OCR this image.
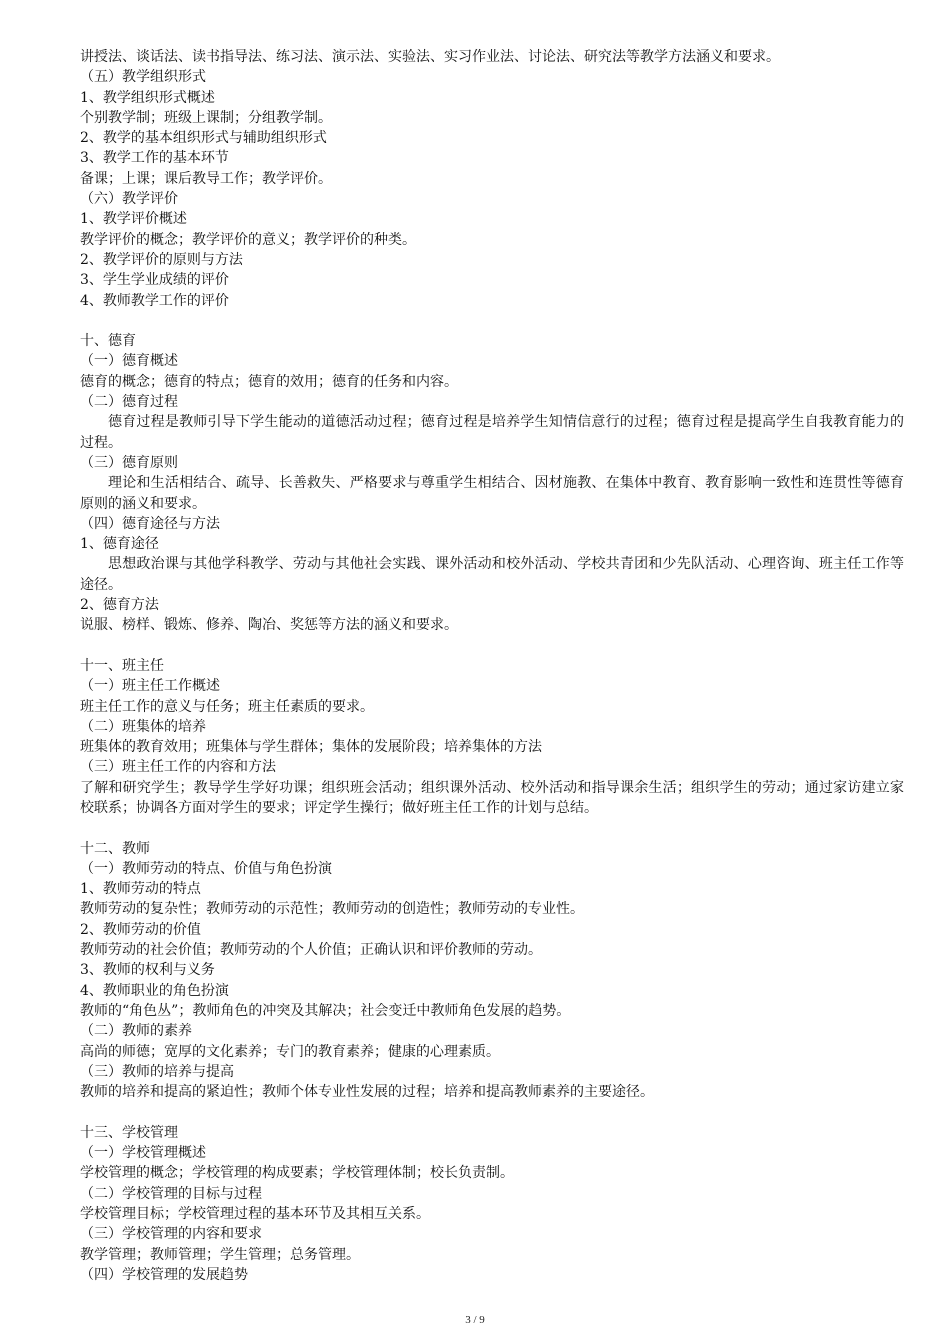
讲授法、谈话法、读书指导法、练习法、演示法、实验法、实习作业法、讨论法、研究法等教学方法涵义和要求。
（五）教学组织形式
1、教学组织形式概述
个别教学制；班级上课制；分组教学制。
2、教学的基本组织形式与辅助组织形式
3、教学工作的基本环节
备课；上课；课后教导工作；教学评价。
（六）教学评价
1、教学评价概述
教学评价的概念；教学评价的意义；教学评价的种类。
2、教学评价的原则与方法
3、学生学业成绩的评价
4、教师教学工作的评价
十、德育
（一）德育概述
德育的概念；德育的特点；德育的效用；德育的任务和内容。
（二）德育过程
德育过程是教师引导下学生能动的道德活动过程；德育过程是培养学生知情信意行的过程；德育过程是提高学生自我教育能力的过程。
（三）德育原则
理论和生活相结合、疏导、长善救失、严格要求与尊重学生相结合、因材施教、在集体中教育、教育影响一致性和连贯性等德育原则的涵义和要求。
（四）德育途径与方法
1、德育途径
思想政治课与其他学科教学、劳动与其他社会实践、课外活动和校外活动、学校共青团和少先队活动、心理咨询、班主任工作等途径。
2、德育方法
说服、榜样、锻炼、修养、陶冶、奖惩等方法的涵义和要求。
十一、班主任
（一）班主任工作概述
班主任工作的意义与任务；班主任素质的要求。
（二）班集体的培养
班集体的教育效用；班集体与学生群体；集体的发展阶段；培养集体的方法
（三）班主任工作的内容和方法
了解和研究学生；教导学生学好功课；组织班会活动；组织课外活动、校外活动和指导课余生活；组织学生的劳动；通过家访建立家校联系；协调各方面对学生的要求；评定学生操行；做好班主任工作的计划与总结。
十二、教师
（一）教师劳动的特点、价值与角色扮演
1、教师劳动的特点
教师劳动的复杂性；教师劳动的示范性；教师劳动的创造性；教师劳动的专业性。
2、教师劳动的价值
教师劳动的社会价值；教师劳动的个人价值；正确认识和评价教师的劳动。
3、教师的权利与义务
4、教师职业的角色扮演
教师的“角色丛”；教师角色的冲突及其解决；社会变迁中教师角色发展的趋势。
（二）教师的素养
高尚的师德；宽厚的文化素养；专门的教育素养；健康的心理素质。
（三）教师的培养与提高
教师的培养和提高的紧迫性；教师个体专业性发展的过程；培养和提高教师素养的主要途径。
十三、学校管理
（一）学校管理概述
学校管理的概念；学校管理的构成要素；学校管理体制；校长负责制。
（二）学校管理的目标与过程
学校管理目标；学校管理过程的基本环节及其相互关系。
（三）学校管理的内容和要求
教学管理；教师管理；学生管理；总务管理。
（四）学校管理的发展趋势
3 / 9
